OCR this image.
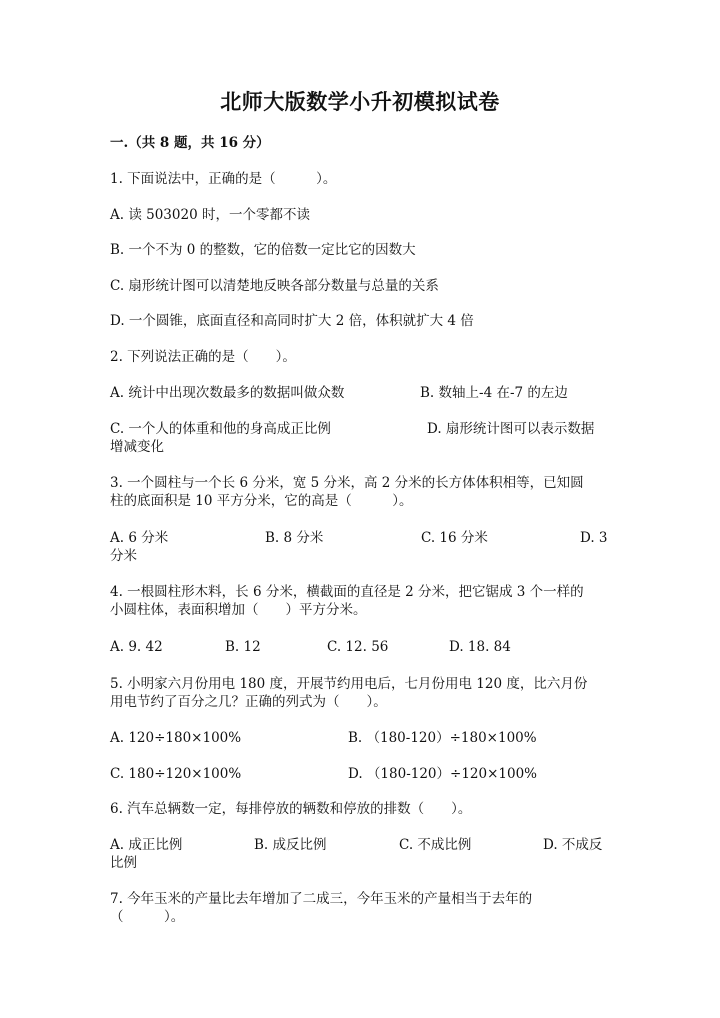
北师大版数学小升初模拟试卷
一.（共 8 题，共 16 分）
1. 下面说法中，正确的是（　　　）。
A. 读 503020 时，一个零都不读
B. 一个不为 0 的整数，它的倍数一定比它的因数大
C. 扇形统计图可以清楚地反映各部分数量与总量的关系
D. 一个圆锥，底面直径和高同时扩大 2 倍，体积就扩大 4 倍
2. 下列说法正确的是（　　）。
A. 统计中出现次数最多的数据叫做众数	B. 数轴上-4 在-7 的左边
C. 一个人的体重和他的身高成正比例	D. 扇形统计图可以表示数据
增减变化
3. 一个圆柱与一个长 6 分米，宽 5 分米，高 2 分米的长方体体积相等，已知圆
柱的底面积是 10 平方分米，它的高是（　　　）。
A. 6 分米	B. 8 分米	C. 16 分米	D. 3
分米
4. 一根圆柱形木料，长 6 分米，横截面的直径是 2 分米，把它锯成 3 个一样的
小圆柱体，表面积增加（　　）平方分米。
A. 9. 42	B. 12	C. 12. 56	D. 18. 84
5. 小明家六月份用电 180 度，开展节约用电后，七月份用电 120 度，比六月份
用电节约了百分之几？正确的列式为（　　）。
A. 120÷180×100%	B. （180-120）÷180×100%
C. 180÷120×100%	D. （180-120）÷120×100%
6. 汽车总辆数一定，每排停放的辆数和停放的排数（　　）。
A. 成正比例	B. 成反比例	C. 不成比例	D. 不成反
比例
7. 今年玉米的产量比去年增加了二成三，今年玉米的产量相当于去年的
（　　　）。
